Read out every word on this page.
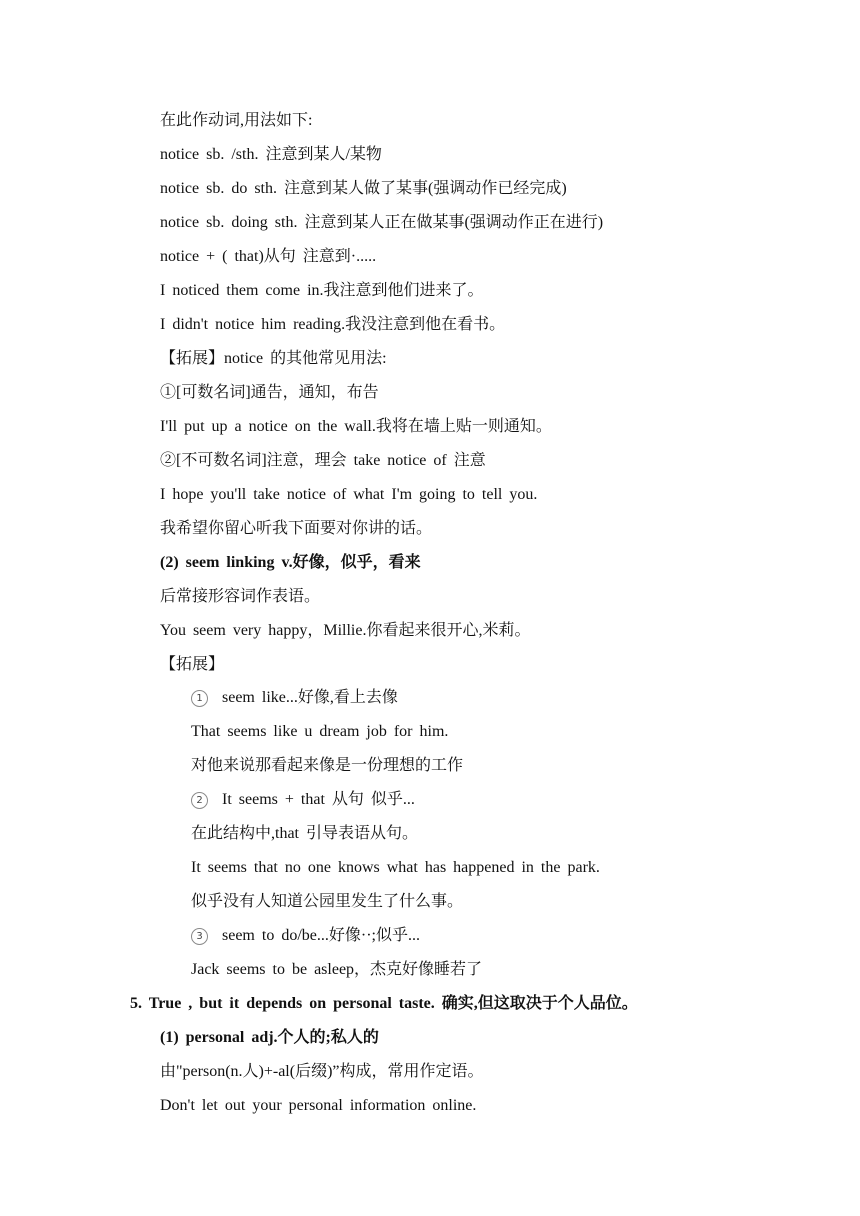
在此作动词,用法如下:
notice sb. /sth. 注意到某人/某物
notice sb. do sth. 注意到某人做了某事(强调动作已经完成)
notice sb. doing sth. 注意到某人正在做某事(强调动作正在进行)
notice + ( that)从句 注意到·.....
I noticed them come in.我注意到他们进来了。
I didn't notice him reading.我没注意到他在看书。
【拓展】notice 的其他常见用法:
①[可数名词]通告，通知，布告
I'll put up a notice on the wall.我将在墙上贴一则通知。
②[不可数名词]注意，理会 take notice of 注意
I hope you'll take notice of what I'm going to tell you.
我希望你留心听我下面要对你讲的话。
(2) seem linking v.好像，似乎，看来
后常接形容词作表语。
You seem very happy，Millie.你看起来很开心,米莉。
【拓展】
1 seem like...好像,看上去像
That seems like u dream job for him.
对他来说那看起来像是一份理想的工作
2 It seems + that 从句 似乎...
在此结构中,that 引导表语从句。
It seems that no one knows what has happened in the park.
似乎没有人知道公园里发生了什么事。
3 seem to do/be...好像··;似乎...
Jack seems to be asleep，杰克好像睡若了
5. True , but it depends on personal taste. 确实,但这取决于个人品位。
(1) personal adj.个人的;私人的
由"person(n.人)+-al(后缀)”构成，常用作定语。
Don't let out your personal information online.
